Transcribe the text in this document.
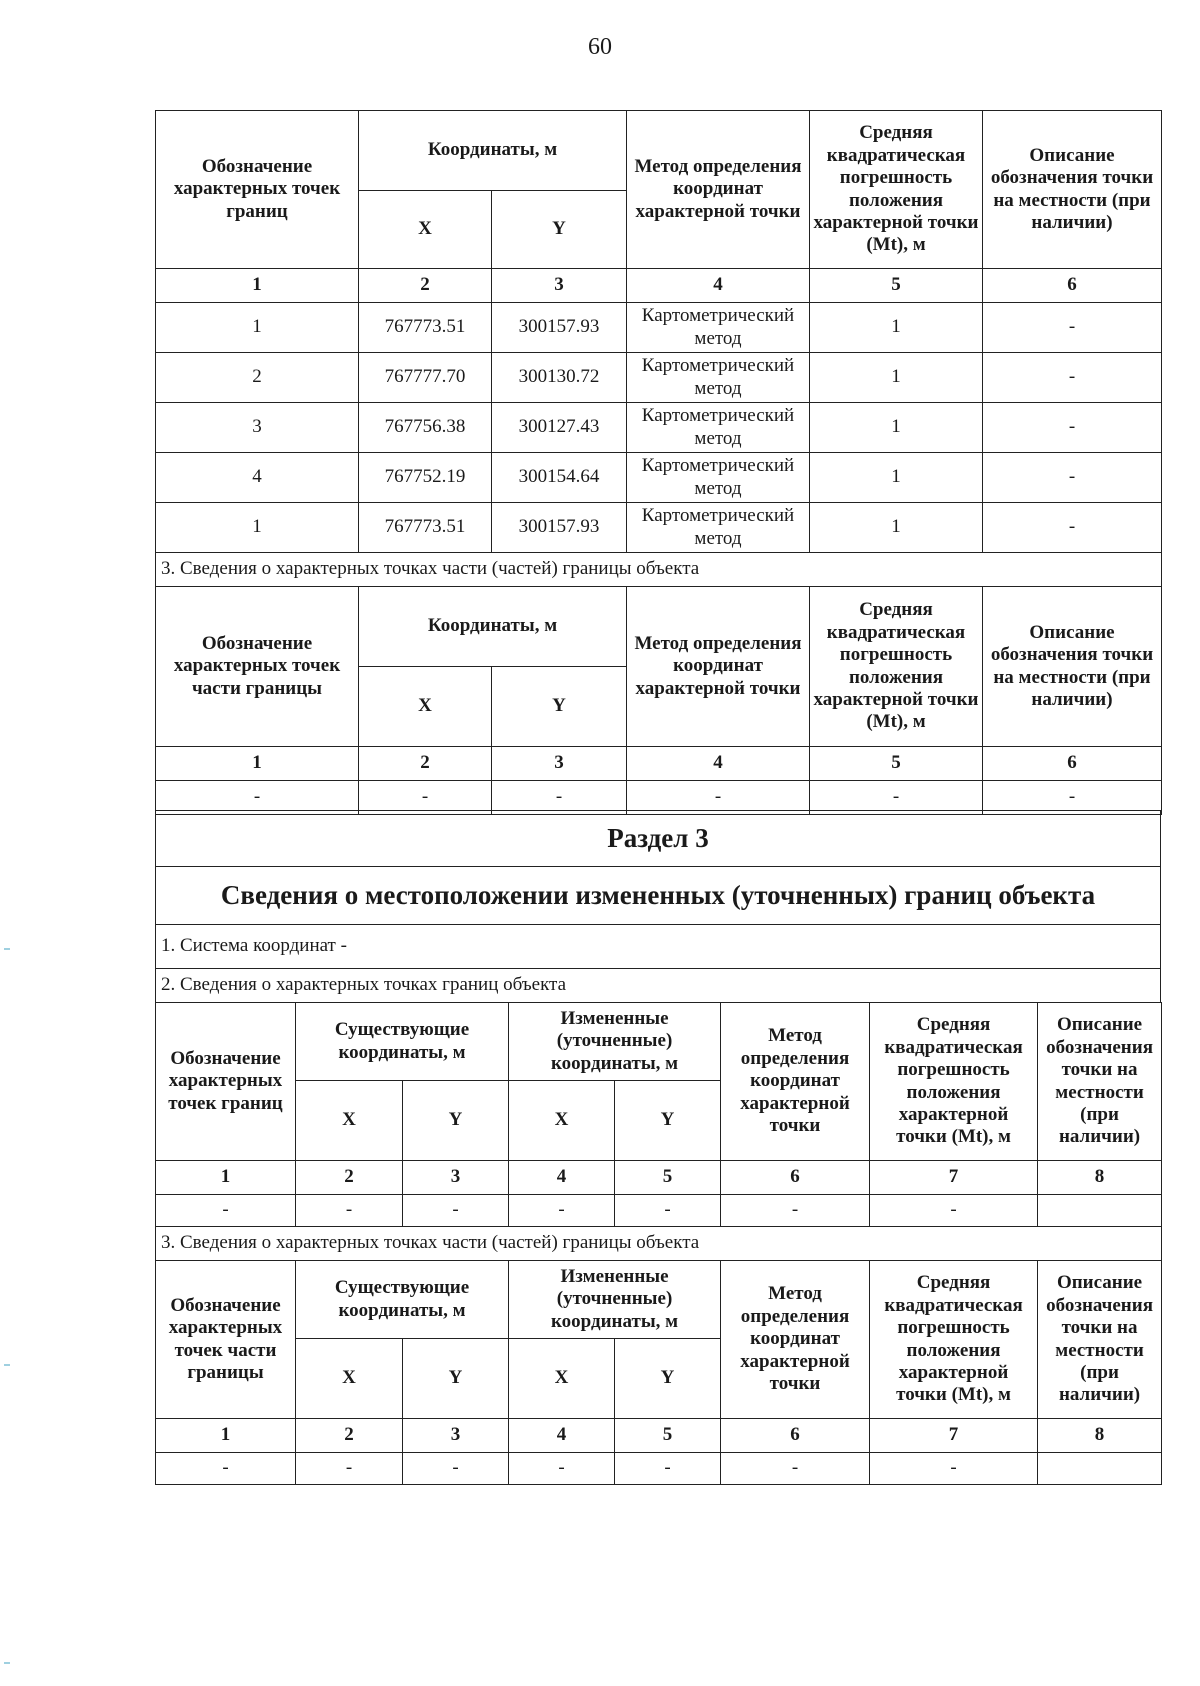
60
Обозначение характерных точек границ	Координаты, м		Метод определения координат характерной точки	Средняя квадратическая погрешность положения характерной точки (Mt), м	Описание обозначения точки на местности (при наличии)
	X	Y			
1	2	3	4	5	6
1	767773.51	300157.93	Картометрический метод	1	-
2	767777.70	300130.72	Картометрический метод	1	-
3	767756.38	300127.43	Картометрический метод	1	-
4	767752.19	300154.64	Картометрический метод	1	-
1	767773.51	300157.93	Картометрический метод	1	-
3. Сведения о характерных точках части (частей) границы объекта					
Обозначение характерных точек части границы	Координаты, м		Метод определения координат характерной точки	Средняя квадратическая погрешность положения характерной точки (Mt), м	Описание обозначения точки на местности (при наличии)
	X	Y			
1	2	3	4	5	6
-	-	-	-	-	-
Раздел 3
Сведения о местоположении измененных (уточненных) границ объекта
1. Система координат -
2. Сведения о характерных точках границ объекта
Обозначение характерных точек границ	Существующие координаты, м		Измененные (уточненные) координаты, м		Метод определения координат характерной точки	Средняя квадратическая погрешность положения характерной точки (Mt), м	Описание обозначения точки на местности (при наличии)
	X	Y	X	Y			
1	2	3	4	5	6	7	8
-	-	-	-	-	-	-	
3. Сведения о характерных точках части (частей) границы объекта							
Обозначение характерных точек части границы	Существующие координаты, м		Измененные (уточненные) координаты, м		Метод определения координат характерной точки	Средняя квадратическая погрешность положения характерной точки (Mt), м	Описание обозначения точки на местности (при наличии)
	X	Y	X	Y			
1	2	3	4	5	6	7	8
-	-	-	-	-	-	-	
